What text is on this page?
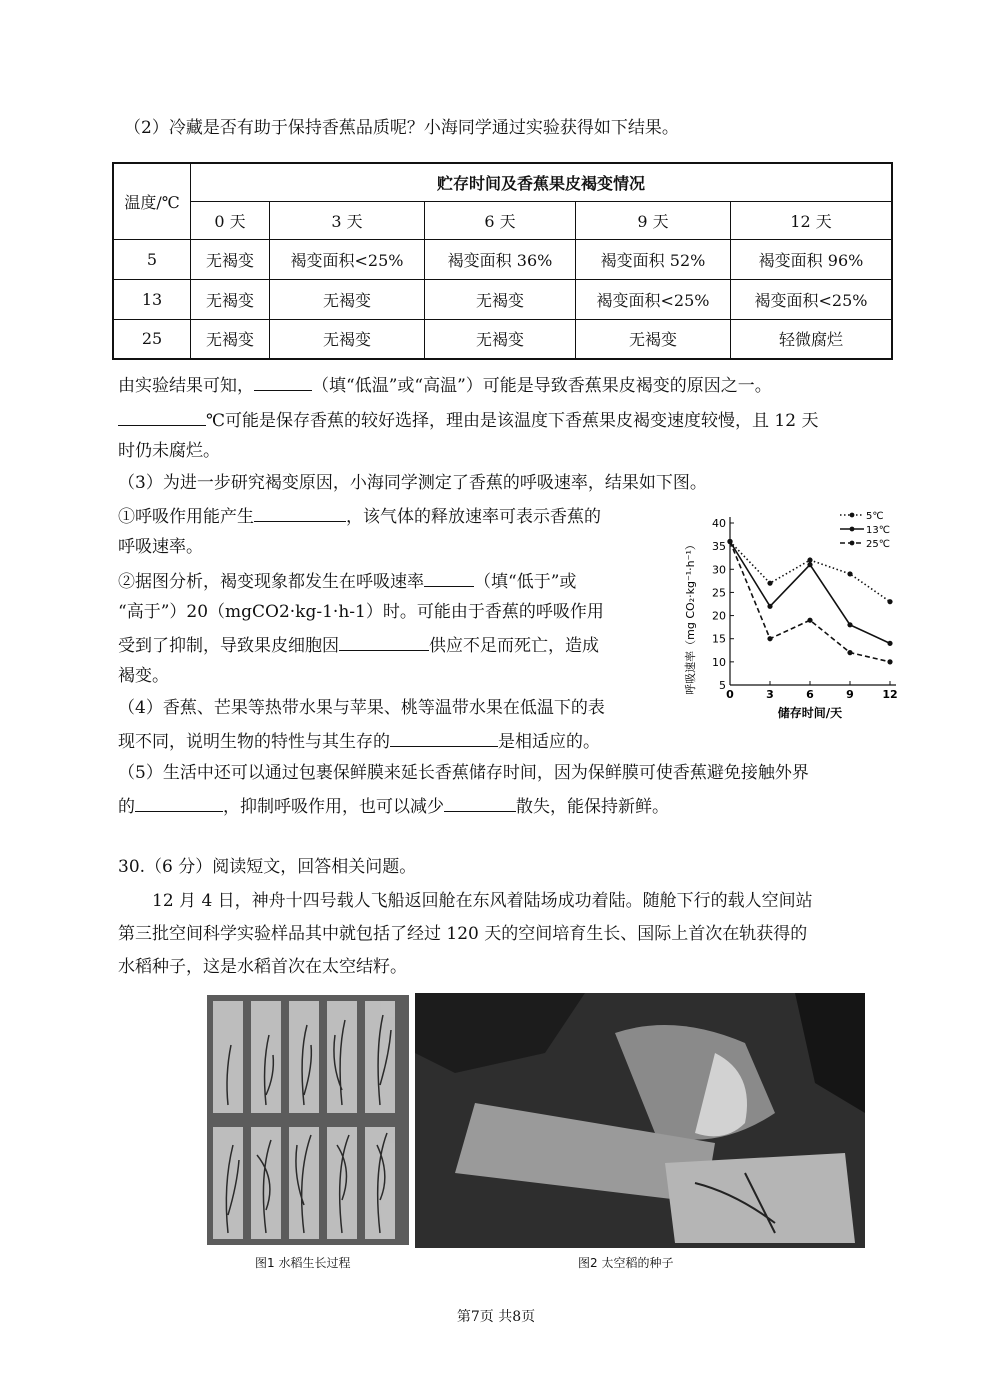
（2）冷藏是否有助于保持香蕉品质呢？小海同学通过实验获得如下结果。
温度/℃	贮存时间及香蕉果皮褐变情况				
	0 天	3 天	6 天	9 天	12 天
5	无褐变	褐变面积<25%	褐变面积 36%	褐变面积 52%	褐变面积 96%
13	无褐变	无褐变	无褐变	褐变面积<25%	褐变面积<25%
25	无褐变	无褐变	无褐变	无褐变	轻微腐烂
由实验结果可知，	（填“低温”或“高温”）可能是导致香蕉果皮褐变的原因之一。
℃可能是保存香蕉的较好选择，理由是该温度下香蕉果皮褐变速度较慢，且 12 天
时仍未腐烂。
（3）为进一步研究褐变原因，小海同学测定了香蕉的呼吸速率，结果如下图。
①呼吸作用能产生	，该气体的释放速率可表示香蕉的
呼吸速率。
②据图分析，褐变现象都发生在呼吸速率	（填“低于”或
“高于”）20（mgCO2·kg-1·h-1）时。可能由于香蕉的呼吸作用
受到了抑制，导致果皮细胞因	供应不足而死亡，造成
褐变。
（4）香蕉、芒果等热带水果与苹果、桃等温带水果在低温下的表
现不同，说明生物的特性与其生存的	是相适应的。
（5）生活中还可以通过包裹保鲜膜来延长香蕉储存时间，因为保鲜膜可使香蕉避免接触外界
的	，抑制呼吸作用，也可以减少	散失，能保持新鲜。
呼吸速率（mg CO₂·kg⁻¹·h⁻¹） 5
10
15
20
25
30
35
40
0	3	6	9	12
5℃
13℃
25℃
储存时间/天
30.（6 分）阅读短文，回答相关问题。
12 月 4 日，神舟十四号载人飞船返回舱在东风着陆场成功着陆。随舱下行的载人空间站
第三批空间科学实验样品其中就包括了经过 120 天的空间培育生长、国际上首次在轨获得的
水稻种子，这是水稻首次在太空结籽。
图1 水稻生长过程	图2 太空稻的种子
第7页 共8页
